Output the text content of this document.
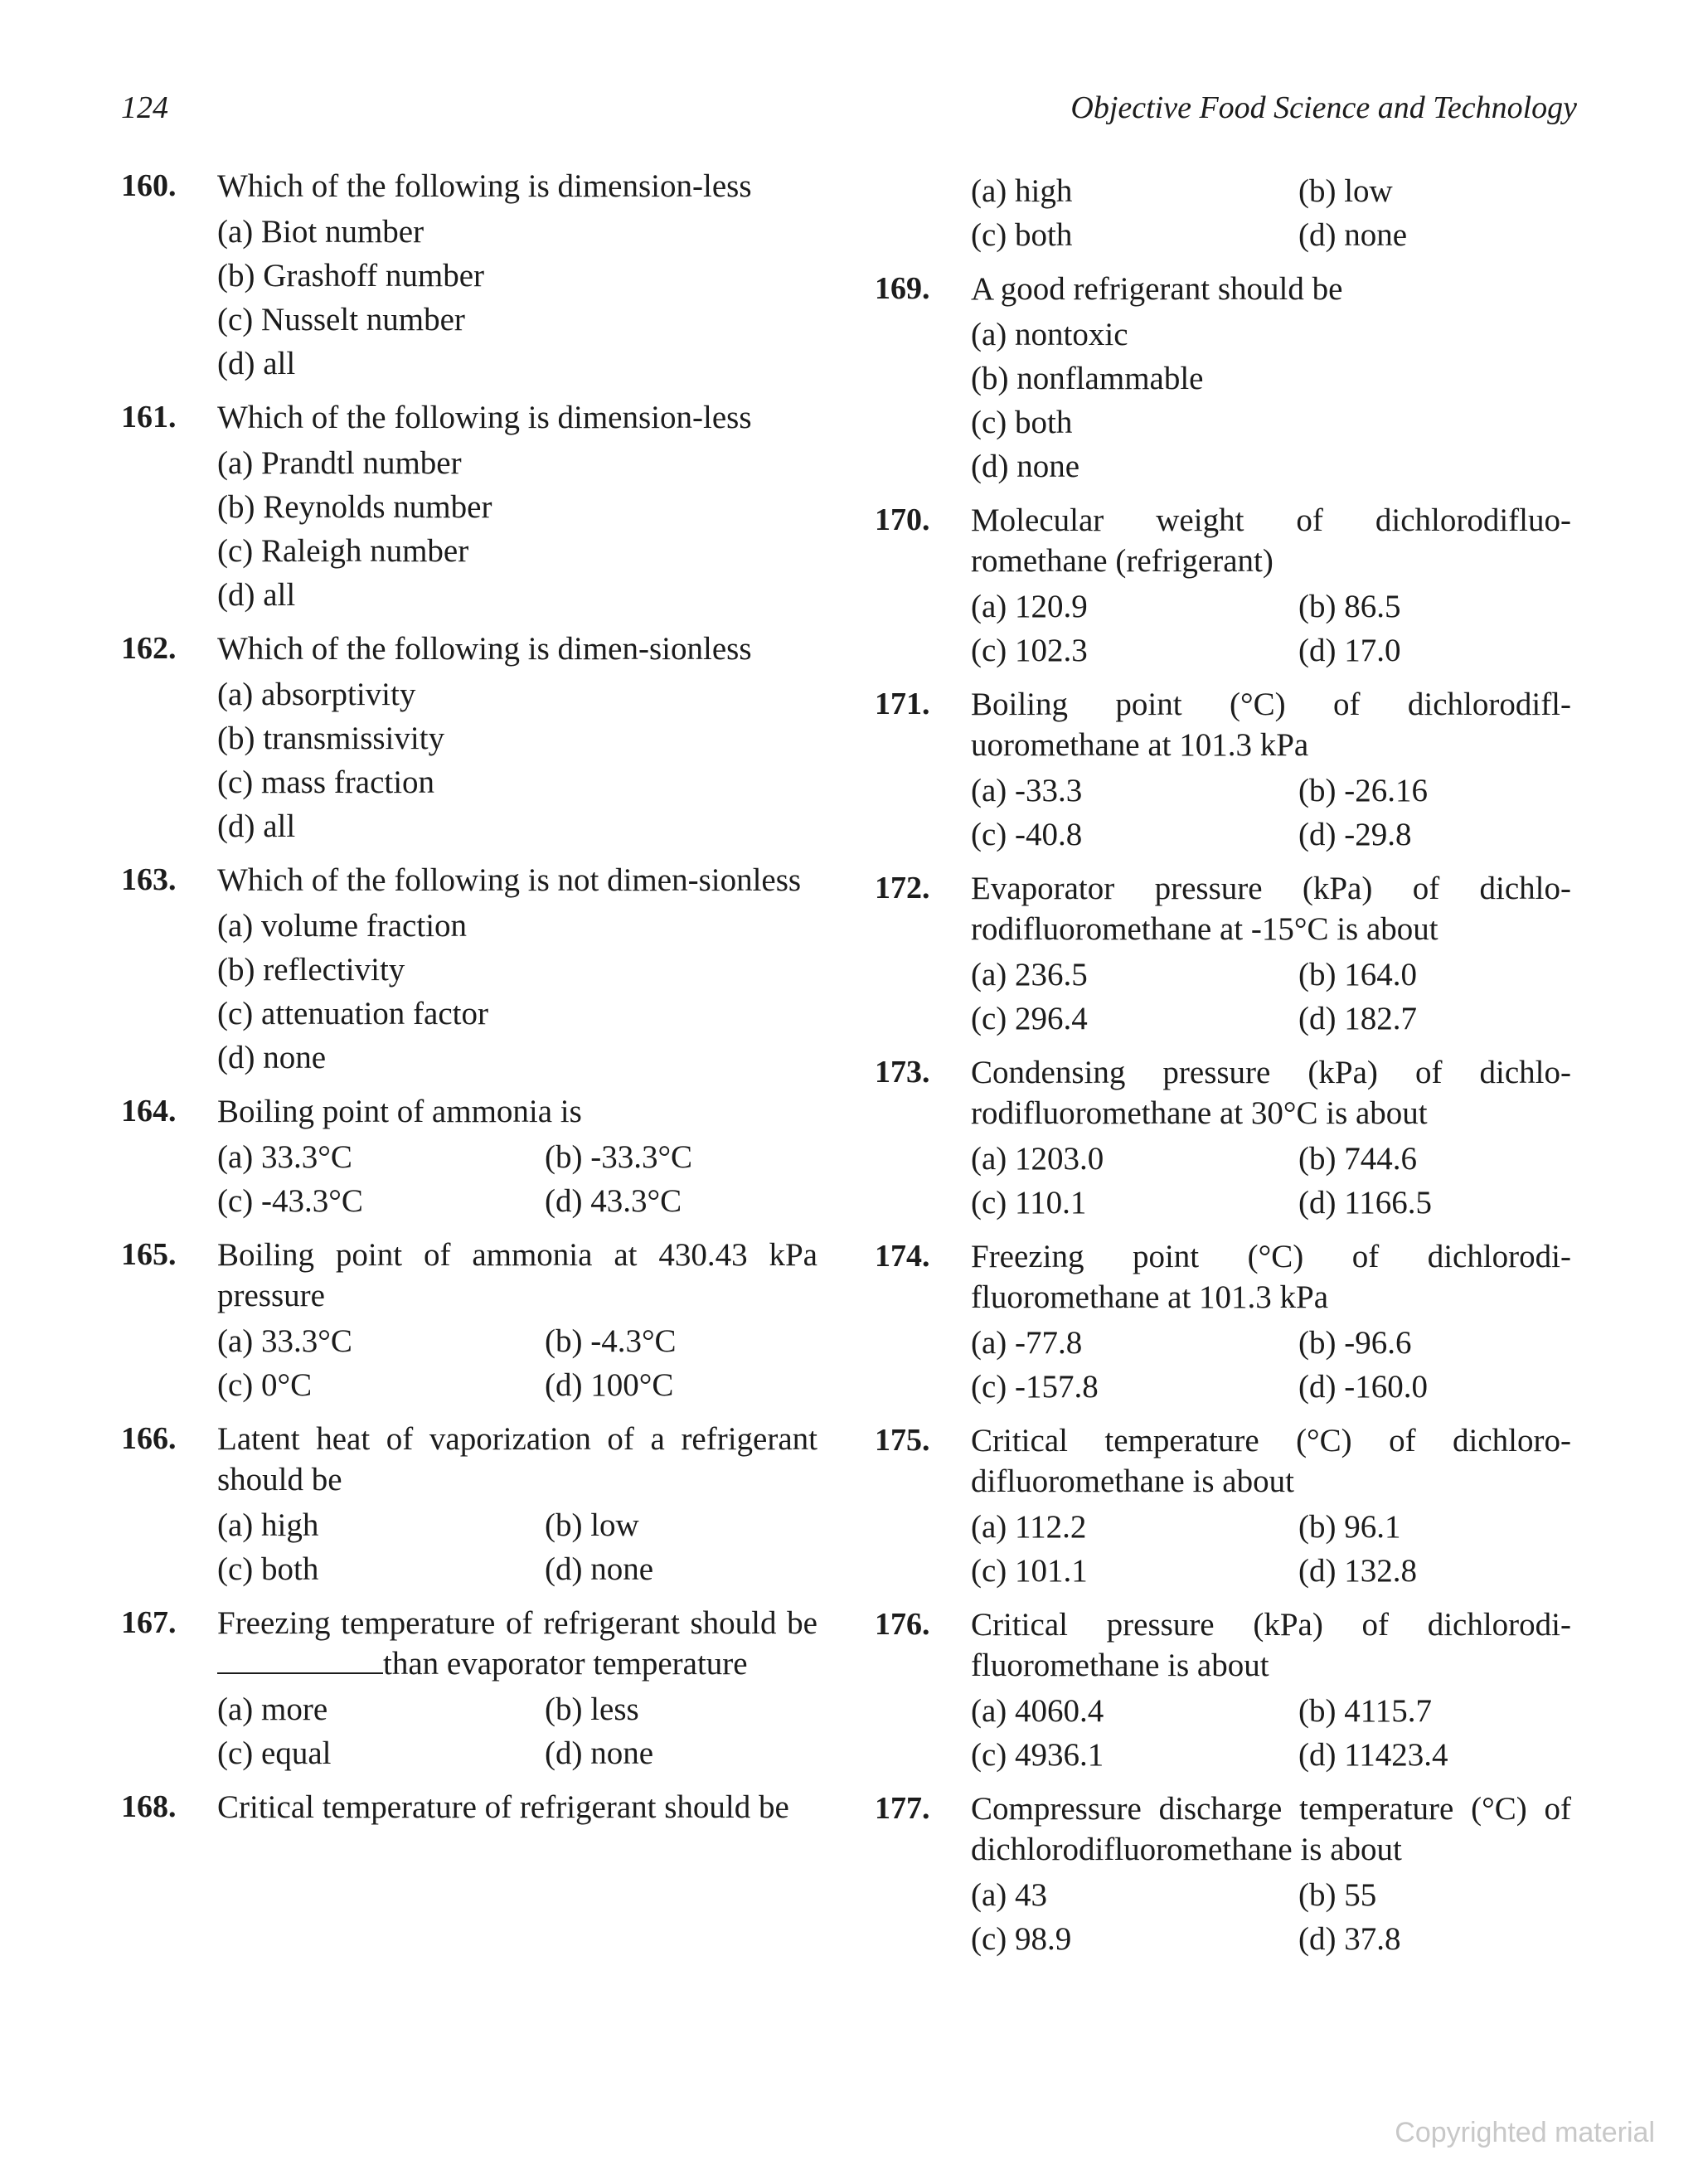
124	Objective Food Science and Technology
160. Which of the following is dimension-less
(a) Biot number
(b) Grashoff number
(c) Nusselt number
(d) all
161. Which of the following is dimension-less
(a) Prandtl number
(b) Reynolds number
(c) Raleigh number
(d) all
162. Which of the following is dimen-sionless
(a) absorptivity
(b) transmissivity
(c) mass fraction
(d) all
163. Which of the following is not dimen-sionless
(a) volume fraction
(b) reflectivity
(c) attenuation factor
(d) none
164. Boiling point of ammonia is
(a) 33.3°C	(b) -33.3°C
(c) -43.3°C	(d) 43.3°C
165. Boiling point of ammonia at 430.43 kPa pressure
(a) 33.3°C	(b) -4.3°C
(c) 0°C	(d) 100°C
166. Latent heat of vaporization of a refrigerant should be
(a) high	(b) low
(c) both	(d) none
167. Freezing temperature of refrigerant should be than evaporator temperature
(a) more	(b) less
(c) equal	(d) none
168. Critical temperature of refrigerant should be
(a) high	(b) low
(c) both	(d) none
169. A good refrigerant should be
(a) nontoxic
(b) nonflammable
(c) both
(d) none
170. Molecular weight of dichlorodifluo-romethane (refrigerant)
(a) 120.9	(b) 86.5
(c) 102.3	(d) 17.0
171. Boiling point (°C) of dichlorodifl-uoromethane at 101.3 kPa
(a) -33.3	(b) -26.16
(c) -40.8	(d) -29.8
172. Evaporator pressure (kPa) of dichlo-rodifluoromethane at -15°C is about
(a) 236.5	(b) 164.0
(c) 296.4	(d) 182.7
173. Condensing pressure (kPa) of dichlo-rodifluoromethane at 30°C is about
(a) 1203.0	(b) 744.6
(c) 110.1	(d) 1166.5
174. Freezing point (°C) of dichlorodi-fluoromethane at 101.3 kPa
(a) -77.8	(b) -96.6
(c) -157.8	(d) -160.0
175. Critical temperature (°C) of dichloro-difluoromethane is about
(a) 112.2	(b) 96.1
(c) 101.1	(d) 132.8
176. Critical pressure (kPa) of dichlorodi-fluoromethane is about
(a) 4060.4	(b) 4115.7
(c) 4936.1	(d) 11423.4
177. Compressure discharge temperature (°C) of dichlorodifluoromethane is about
(a) 43	(b) 55
(c) 98.9	(d) 37.8
Copyrighted material
